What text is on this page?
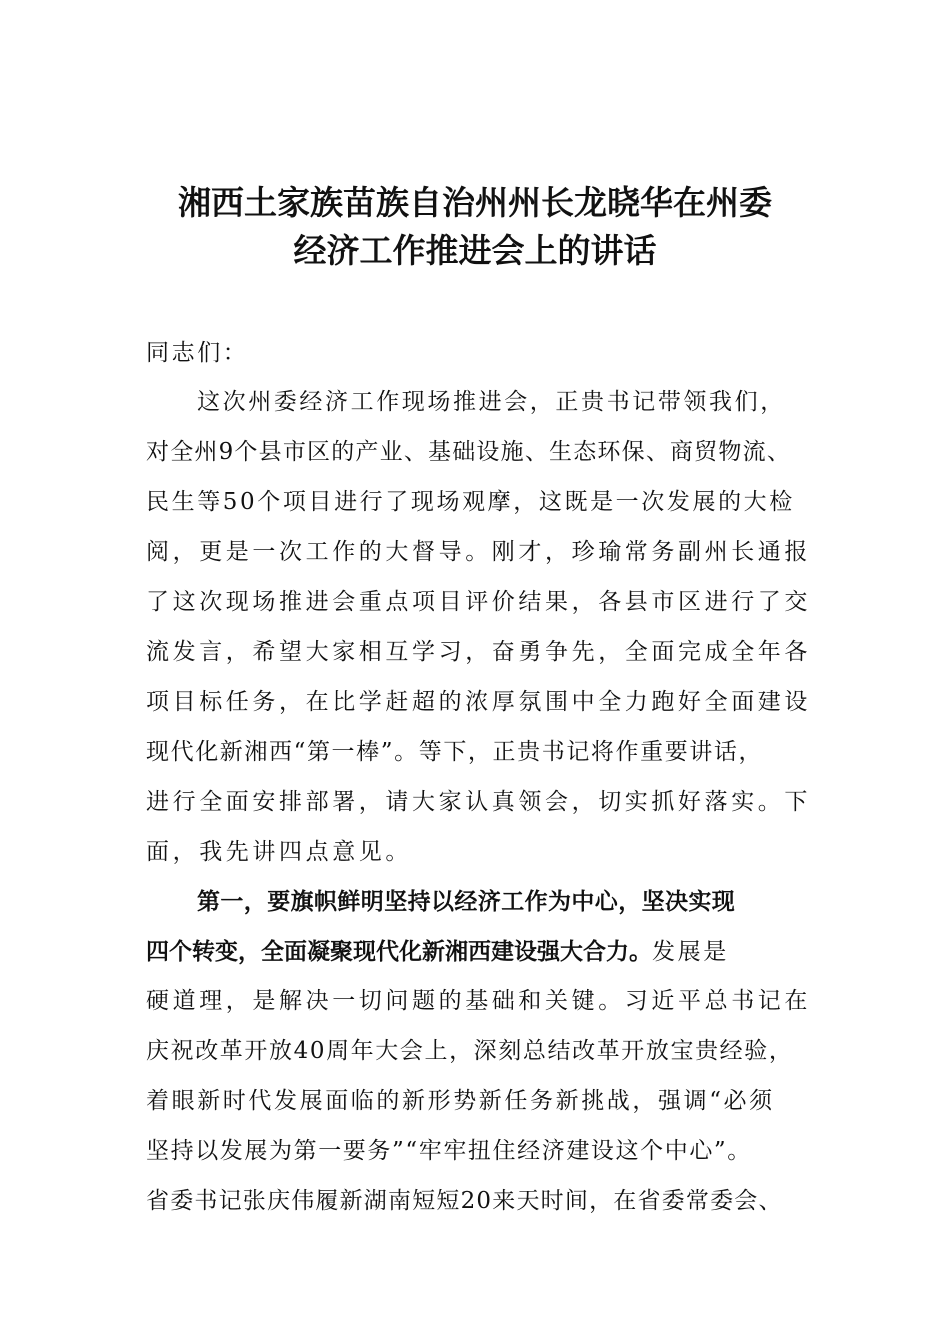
湘西土家族苗族自治州州长龙晓华在州委
经济工作推进会上的讲话
同志们：
这次州委经济工作现场推进会，正贵书记带领我们，
对全州9个县市区的产业、基础设施、生态环保、商贸物流、
民生等50个项目进行了现场观摩，这既是一次发展的大检
阅，更是一次工作的大督导。刚才，珍瑜常务副州长通报
了这次现场推进会重点项目评价结果，各县市区进行了交
流发言，希望大家相互学习，奋勇争先，全面完成全年各
项目标任务，在比学赶超的浓厚氛围中全力跑好全面建设
现代化新湘西“第一棒”。等下，正贵书记将作重要讲话，
进行全面安排部署，请大家认真领会，切实抓好落实。下
面，我先讲四点意见。
第一，要旗帜鲜明坚持以经济工作为中心，坚决实现
四个转变，全面凝聚现代化新湘西建设强大合力。发展是
硬道理，是解决一切问题的基础和关键。习近平总书记在
庆祝改革开放40周年大会上，深刻总结改革开放宝贵经验，
着眼新时代发展面临的新形势新任务新挑战，强调“必须
坚持以发展为第一要务”“牢牢扭住经济建设这个中心”。
省委书记张庆伟履新湖南短短20来天时间，在省委常委会、
